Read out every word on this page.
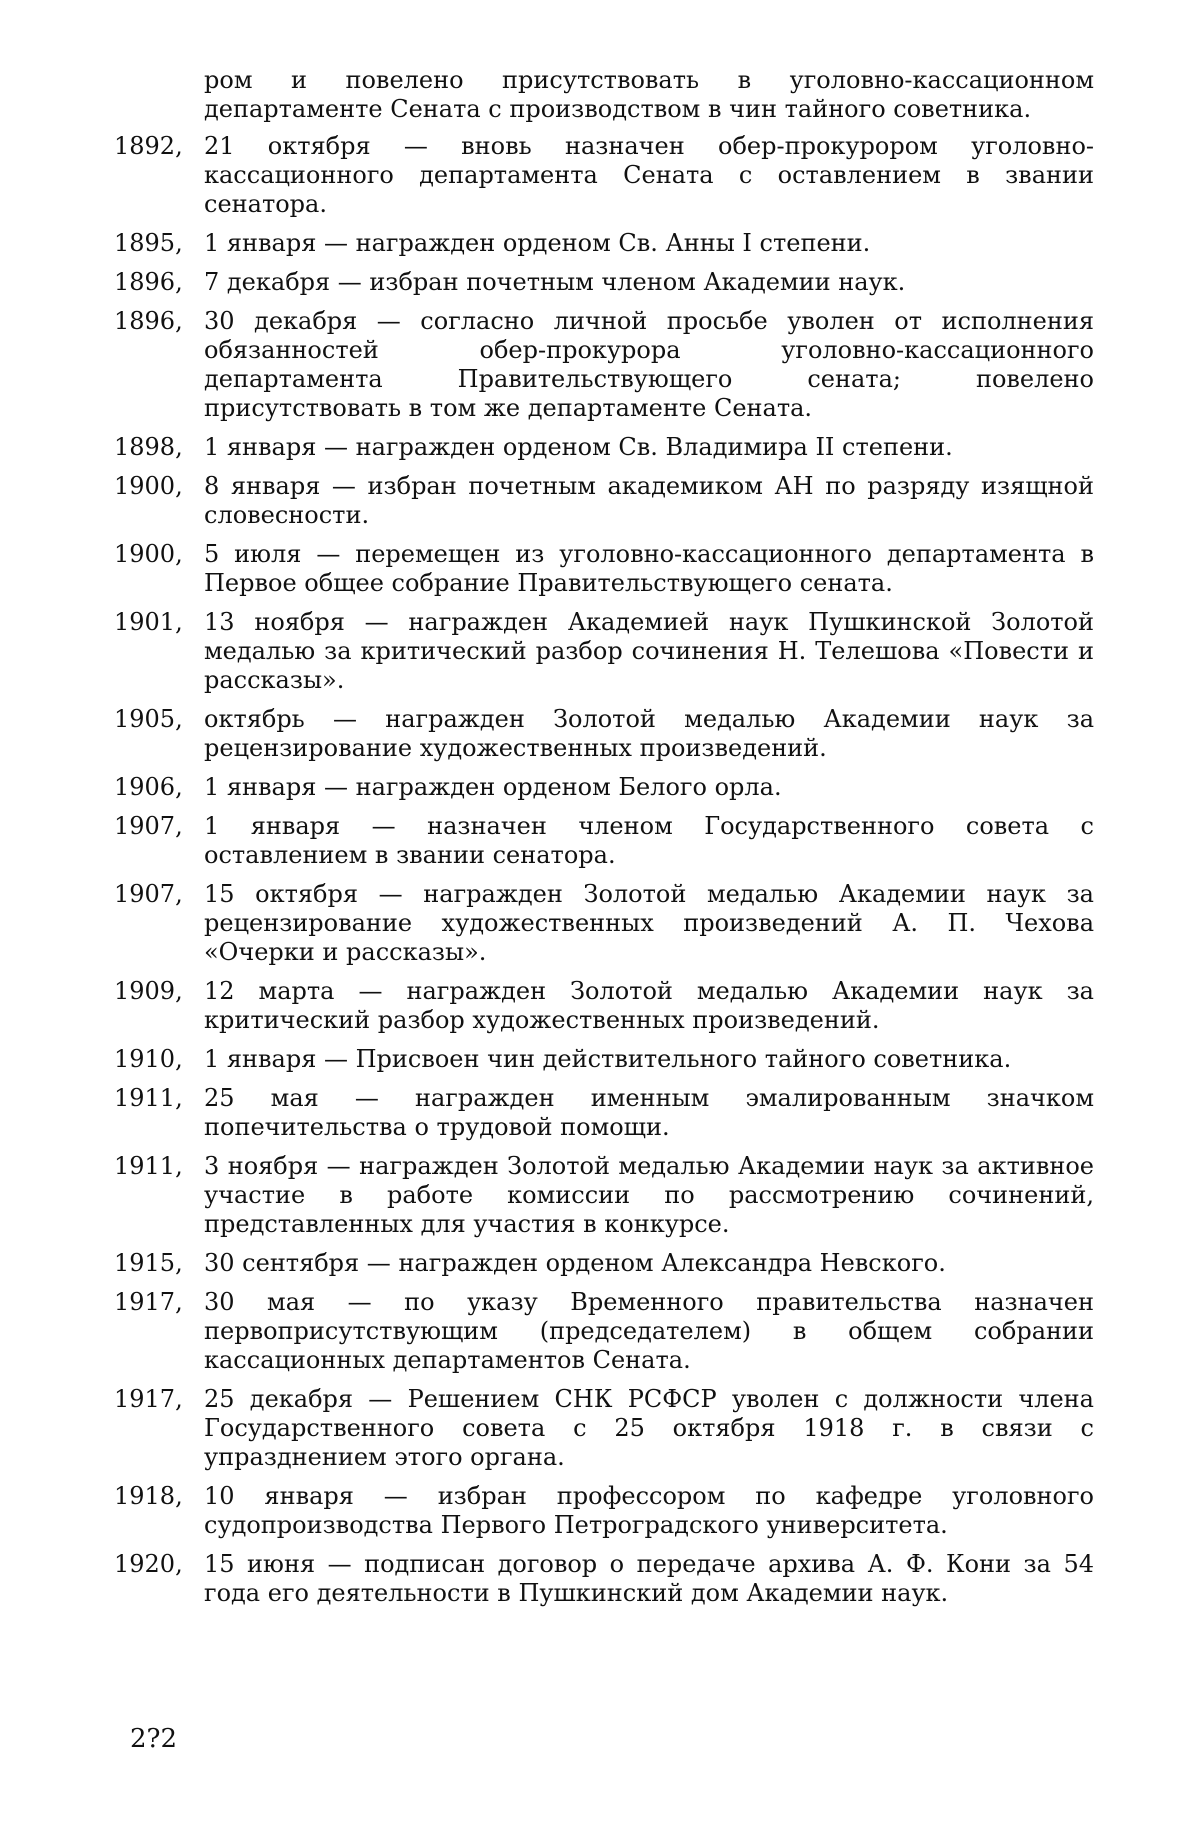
ром и повелено присутствовать в уголовно-кассационном департаменте Сената с производством в чин тайного советника.
1892, 21 октября — вновь назначен обер-прокурором уголовно-кассационного департамента Сената с оставлением в звании сенатора.
1895, 1 января — награжден орденом Св. Анны I степени.
1896, 7 декабря — избран почетным членом Академии наук.
1896, 30 декабря — согласно личной просьбе уволен от исполнения обязанностей обер-прокурора уголовно-кассационного департамента Правительствующего сената; повелено присутствовать в том же департаменте Сената.
1898, 1 января — награжден орденом Св. Владимира II степени.
1900, 8 января — избран почетным академиком АН по разряду изящной словесности.
1900, 5 июля — перемещен из уголовно-кассационного департамента в Первое общее собрание Правительствующего сената.
1901, 13 ноября — награжден Академией наук Пушкинской Золотой медалью за критический разбор сочинения Н. Телешова «Повести и рассказы».
1905, октябрь — награжден Золотой медалью Академии наук за рецензирование художественных произведений.
1906, 1 января — награжден орденом Белого орла.
1907, 1 января — назначен членом Государственного совета с оставлением в звании сенатора.
1907, 15 октября — награжден Золотой медалью Академии наук за рецензирование художественных произведений А. П. Чехова «Очерки и рассказы».
1909, 12 марта — награжден Золотой медалью Академии наук за критический разбор художественных произведений.
1910, 1 января — Присвоен чин действительного тайного советника.
1911, 25 мая — награжден именным эмалированным значком попечительства о трудовой помощи.
1911, 3 ноября — награжден Золотой медалью Академии наук за активное участие в работе комиссии по рассмотрению сочинений, представленных для участия в конкурсе.
1915, 30 сентября — награжден орденом Александра Невского.
1917, 30 мая — по указу Временного правительства назначен первоприсутствующим (председателем) в общем собрании кассационных департаментов Сената.
1917, 25 декабря — Решением СНК РСФСР уволен с должности члена Государственного совета с 25 октября 1918 г. в связи с упразднением этого органа.
1918, 10 января — избран профессором по кафедре уголовного судопроизводства Первого Петроградского университета.
1920, 15 июня — подписан договор о передаче архива А. Ф. Кони за 54 года его деятельности в Пушкинский дом Академии наук.
2?2
